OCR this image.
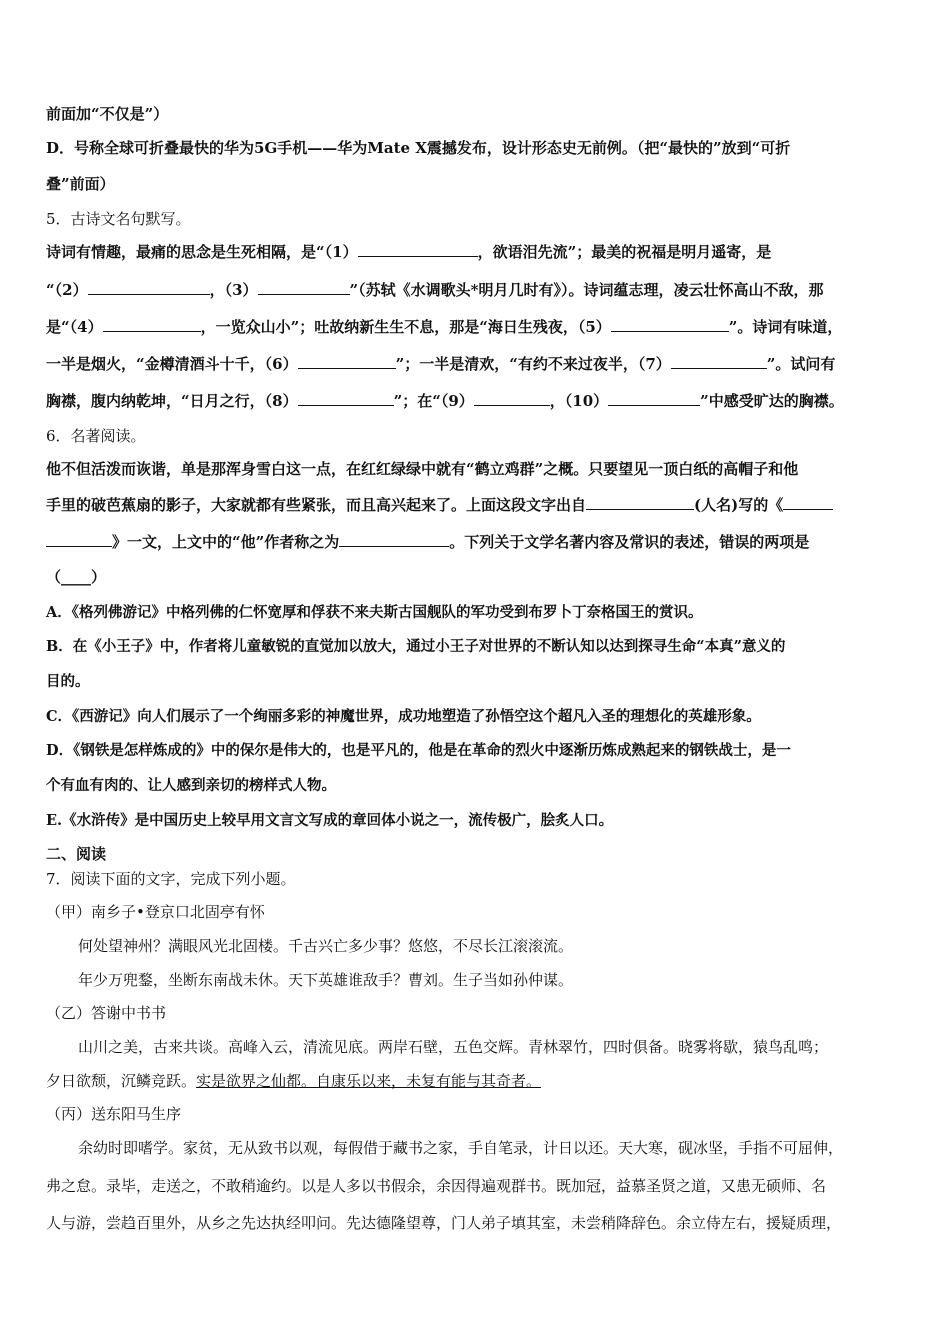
前面加“不仅是”）
D．号称全球可折叠最快的华为5G手机——华为Mate X震撼发布，设计形态史无前例。（把“最快的”放到“可折
叠”前面）
5．古诗文名句默写。
诗词有情趣，最痛的思念是生死相隔，是“（1）	，欲语泪先流”；最美的祝福是明月遥寄，是
“（2）	，（3）	”（苏轼《水调歌头*明月几时有》）。诗词蕴志理，凌云壮怀高山不敌，那
是“（4）	，一览众山小”；吐故纳新生生不息，那是“海日生残夜，（5）	”。诗词有味道，
一半是烟火，“金樽清酒斗十千，（6）	”；一半是清欢，“有约不来过夜半，（7）	”。试问有
胸襟，腹内纳乾坤，“日月之行，（8）	”；在“（9）	，（10）	”中感受旷达的胸襟。
6．名著阅读。
他不但活泼而诙谐，单是那浑身雪白这一点，在红红绿绿中就有“鹤立鸡群”之概。只要望见一顶白纸的高帽子和他
手里的破芭蕉扇的影子，大家就都有些紧张，而且高兴起来了。上面这段文字出自	(人名)写的《
》一文，上文中的“他”作者称之为	。下列关于文学名著内容及常识的表述，错误的两项是
（____）
A．《格列佛游记》中格列佛的仁怀宽厚和俘获不来夫斯古国舰队的军功受到布罗卜丁奈格国王的赏识。
B．在《小王子》中，作者将儿童敏锐的直觉加以放大，通过小王子对世界的不断认知以达到探寻生命“本真”意义的
目的。
C．《西游记》向人们展示了一个绚丽多彩的神魔世界，成功地塑造了孙悟空这个超凡入圣的理想化的英雄形象。
D．《钢铁是怎样炼成的》中的保尔是伟大的，也是平凡的，他是在革命的烈火中逐渐历炼成熟起来的钢铁战士，是一
个有血有肉的、让人感到亲切的榜样式人物。
E.《水浒传》是中国历史上较早用文言文写成的章回体小说之一，流传极广，脍炙人口。
二、阅读
7．阅读下面的文字，完成下列小题。
（甲）南乡子•登京口北固亭有怀
何处望神州？满眼风光北固楼。千古兴亡多少事？悠悠，不尽长江滚滚流。
年少万兜鍪，坐断东南战未休。天下英雄谁敌手？曹刘。生子当如孙仲谋。
（乙）答谢中书书
山川之美，古来共谈。高峰入云，清流见底。两岸石壁，五色交辉。青林翠竹，四时俱备。晓雾将歇，猿鸟乱鸣；
夕日欲颓，沉鳞竞跃。实是欲界之仙都。自康乐以来，未复有能与其奇者。
（丙）送东阳马生序
余幼时即嗜学。家贫，无从致书以观，每假借于藏书之家，手自笔录，计日以还。天大寒，砚冰坚，手指不可屈伸，
弗之怠。录毕，走送之，不敢稍逾约。以是人多以书假余，余因得遍观群书。既加冠，益慕圣贤之道，又患无硕师、名
人与游，尝趋百里外，从乡之先达执经叩问。先达德隆望尊，门人弟子填其室，未尝稍降辞色。余立侍左右，援疑质理，
